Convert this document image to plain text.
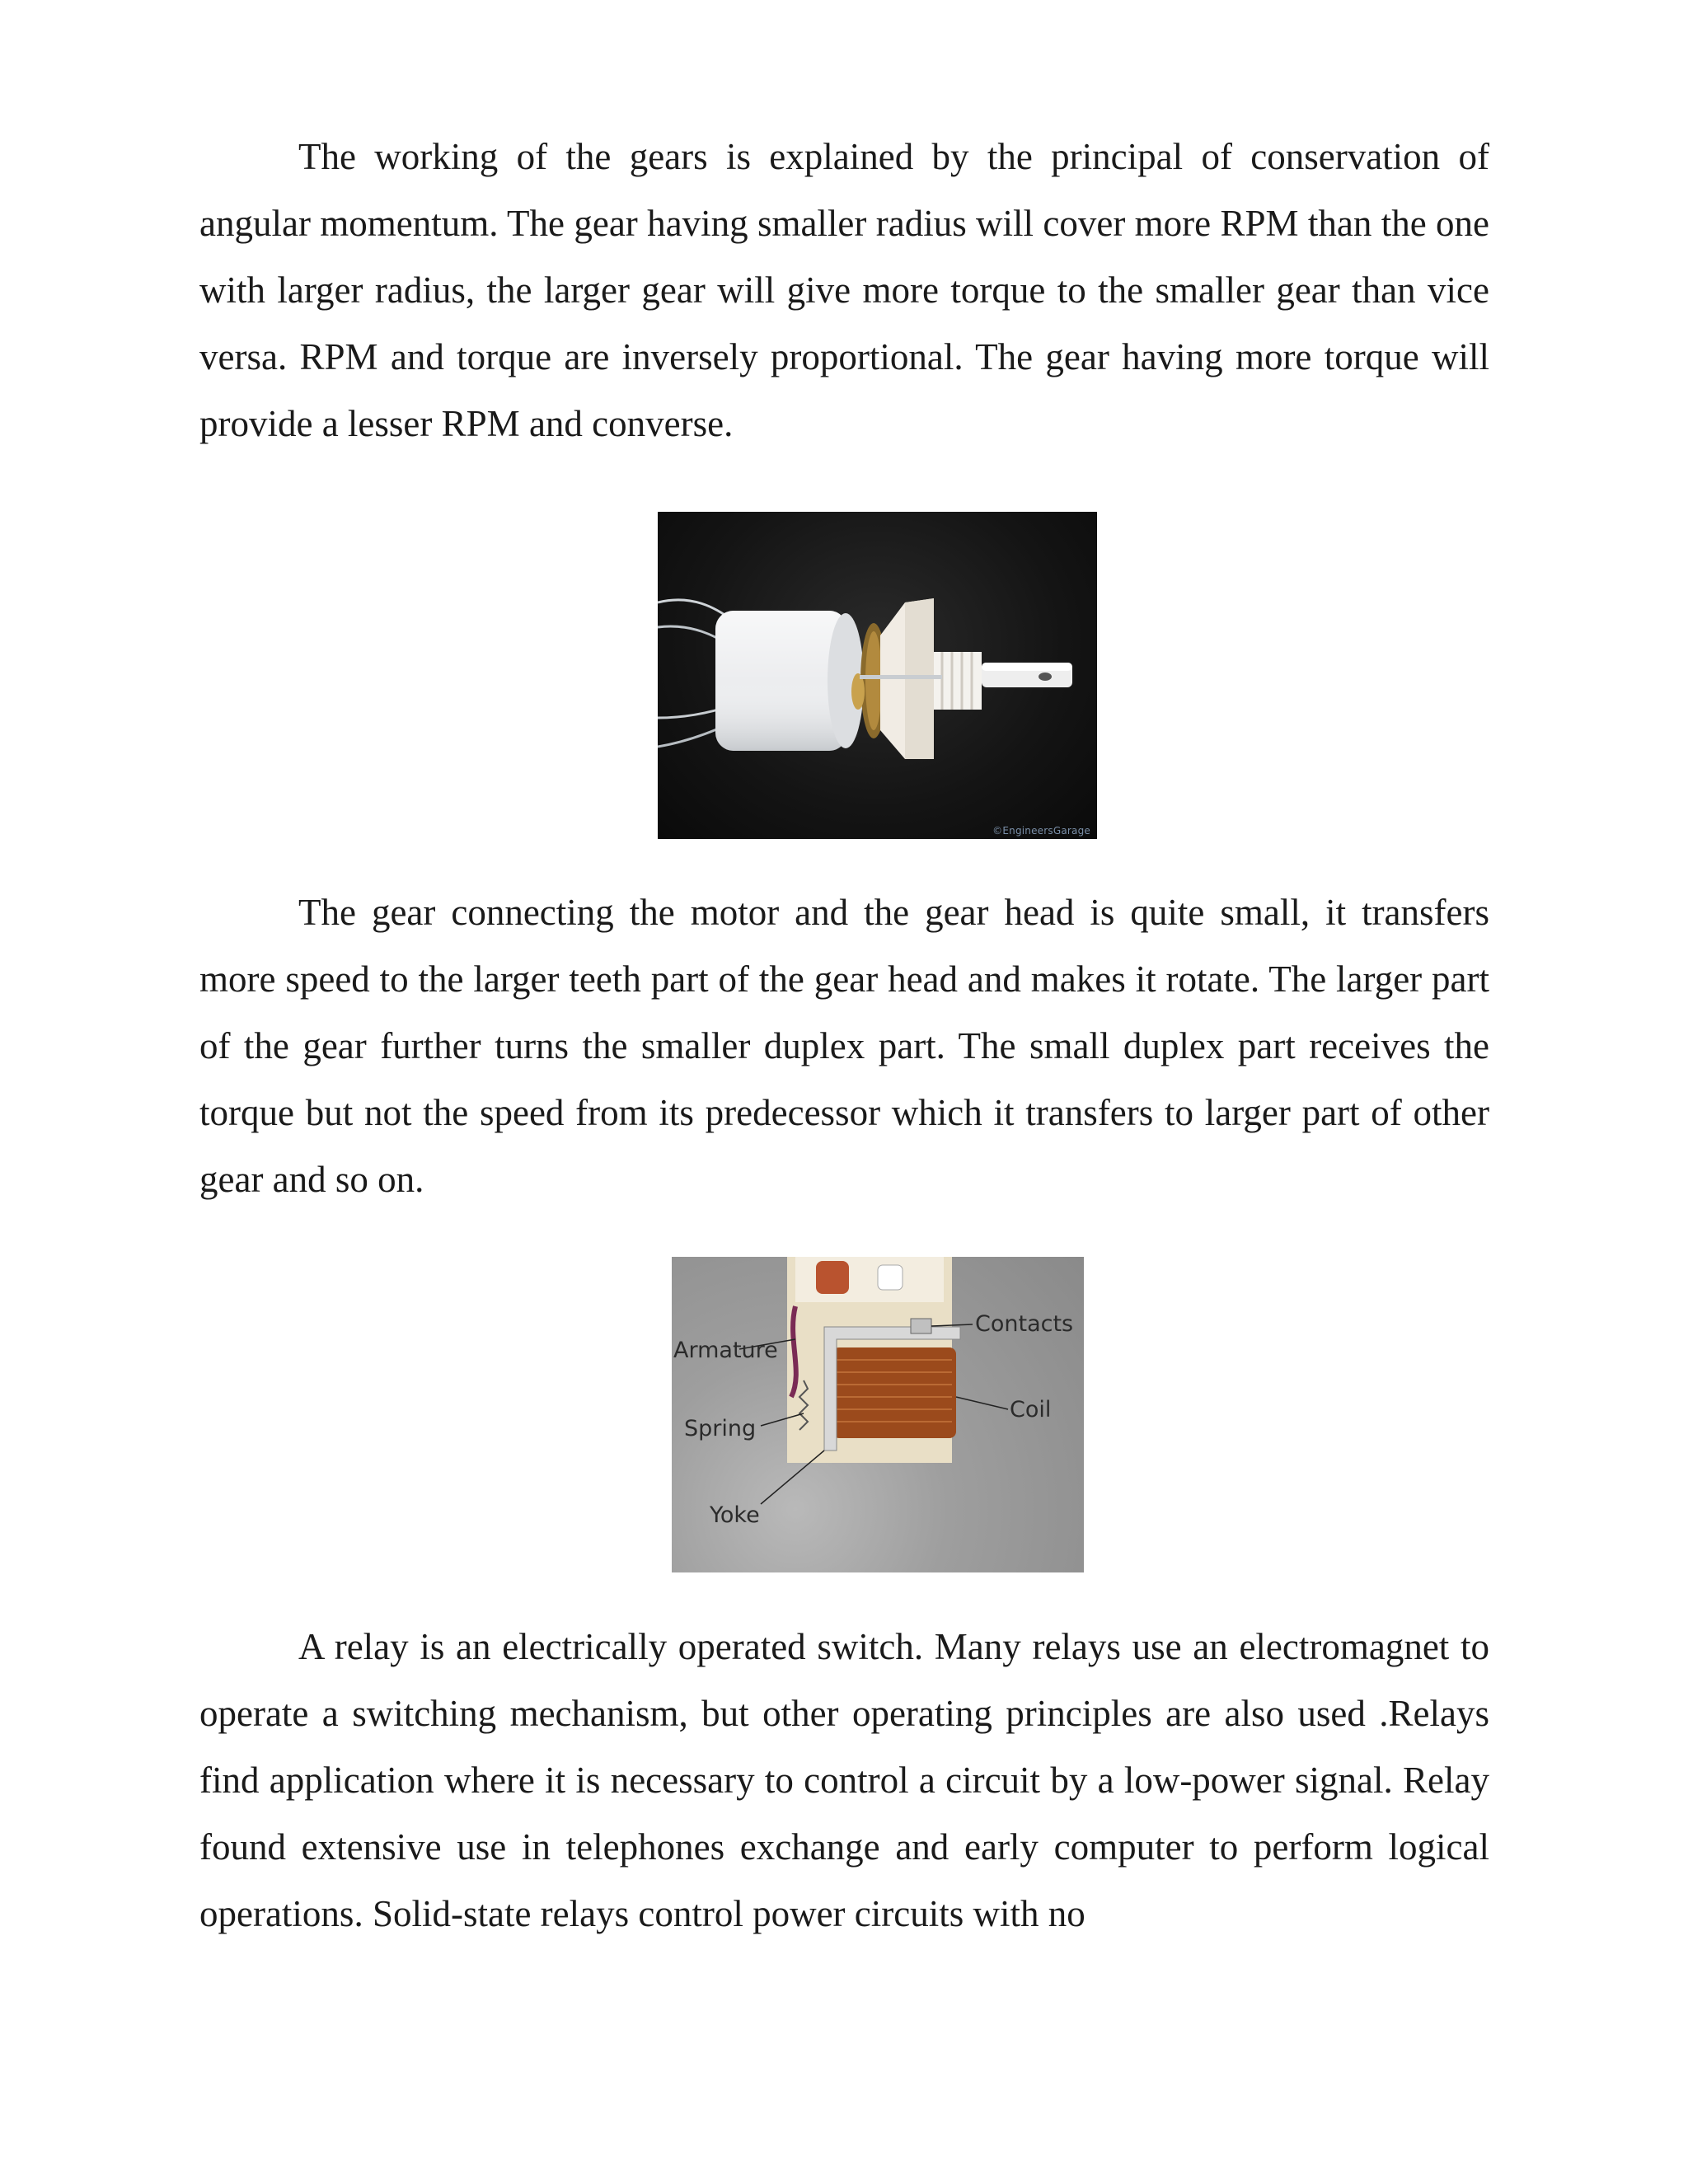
The working of the gears is explained by the principal of conservation of angular momentum. The gear having smaller radius will cover more RPM than the one with larger radius, the larger gear will give more torque to the smaller gear than vice versa. RPM and torque are inversely proportional. The gear having more torque will provide a lesser RPM and converse.

©EngineersGarage

The gear connecting the motor and the gear head is quite small, it transfers more speed to the larger teeth part of the gear head and makes it rotate. The larger part of the gear further turns the smaller duplex part. The small duplex part receives the torque but not the speed from its predecessor which it transfers to larger part of other gear and so on.

Armature
Contacts
Spring
Coil
Yoke

A relay is an electrically operated switch. Many relays use an electromagnet to operate a switching mechanism, but other operating principles are also used .Relays find application where it is necessary to control a circuit by a low-power signal. Relay found extensive use in telephones exchange and early computer to perform logical operations. Solid-state relays control power circuits with no
